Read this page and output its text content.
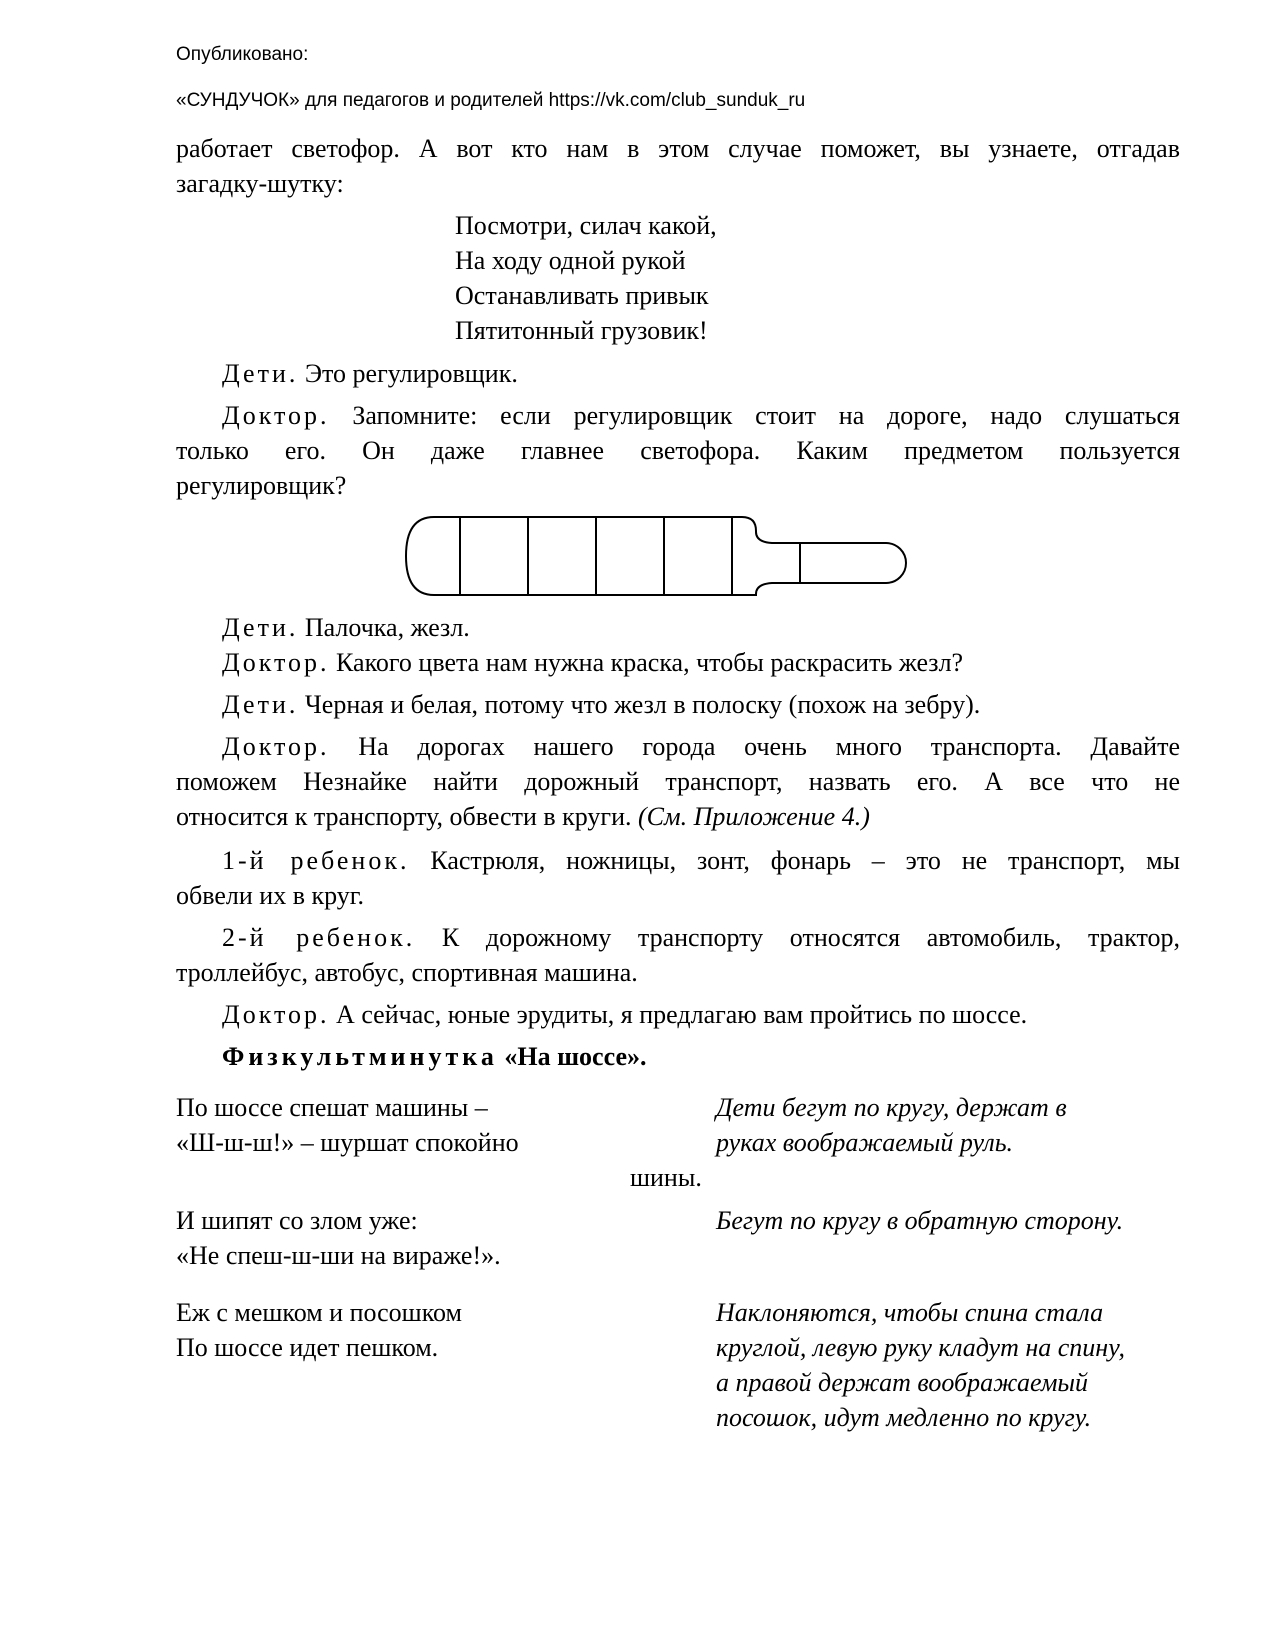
Опубликовано:
«СУНДУЧОК» для педагогов и родителей https://vk.com/club_sunduk_ru
работает светофор. А вот кто нам в этом случае поможет, вы узнаете, отгадав
загадку-шутку:
Посмотри, силач какой,
На ходу одной рукой
Останавливать привык
Пятитонный грузовик!
Дети. Это регулировщик.
Доктор. Запомните: если регулировщик стоит на дороге, надо слушаться
только его. Он даже главнее светофора. Каким предметом пользуется
регулировщик?
Дети. Палочка, жезл.
Доктор. Какого цвета нам нужна краска, чтобы раскрасить жезл?
Дети. Черная и белая, потому что жезл в полоску (похож на зебру).
Доктор. На дорогах нашего города очень много транспорта. Давайте
поможем Незнайке найти дорожный транспорт, назвать его. А все что не
относится к транспорту, обвести в круги. (См. Приложение 4.)
1-й ребенок. Кастрюля, ножницы, зонт, фонарь – это не транспорт, мы
обвели их в круг.
2-й ребенок. К дорожному транспорту относятся автомобиль, трактор,
троллейбус, автобус, спортивная машина.
Доктор. А сейчас, юные эрудиты, я предлагаю вам пройтись по шоссе.
Физкультминутка «На шоссе».
По шоссе спешат машины –
«Ш-ш-ш!» – шуршат спокойно
шины.
Дети бегут по кругу, держат в
руках воображаемый руль.
И шипят со злом уже:
«Не спеш-ш-ши на вираже!».
Бегут по кругу в обратную сторону.
Еж с мешком и посошком
По шоссе идет пешком.
Наклоняются, чтобы спина стала
круглой, левую руку кладут на спину,
а правой держат воображаемый
посошок, идут медленно по кругу.
